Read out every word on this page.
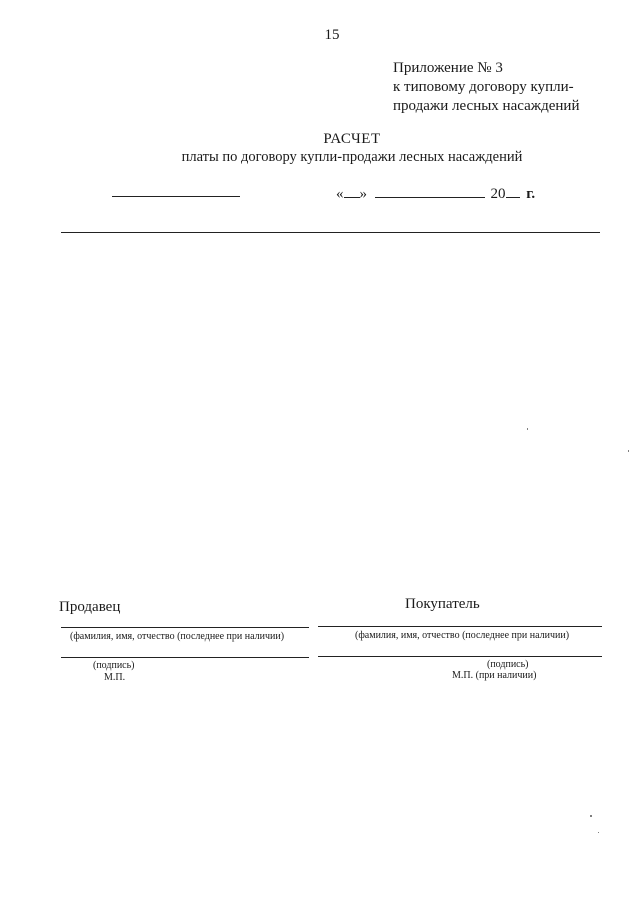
15
Приложение № 3
к типовому договору купли-
продажи лесных насаждений
РАСЧЕТ
платы по договору купли-продажи лесных насаждений
« »	20 г.
Продавец
(фамилия, имя, отчество (последнее при наличии)
(подпись)
М.П.
Покупатель
(фамилия, имя, отчество (последнее при наличии)
(подпись)
М.П. (при наличии)
